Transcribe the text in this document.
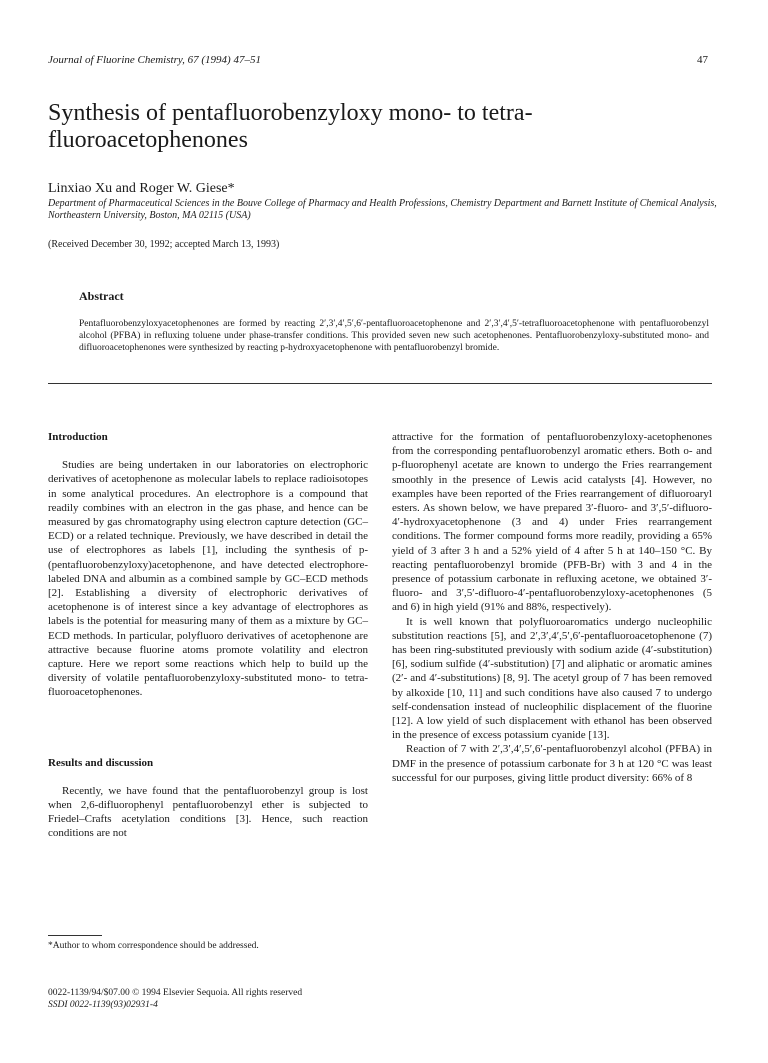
Journal of Fluorine Chemistry, 67 (1994) 47–51	47
Synthesis of pentafluorobenzyloxy mono- to tetra-fluoroacetophenones
Linxiao Xu and Roger W. Giese*
Department of Pharmaceutical Sciences in the Bouve College of Pharmacy and Health Professions, Chemistry Department and Barnett Institute of Chemical Analysis, Northeastern University, Boston, MA 02115 (USA)
(Received December 30, 1992; accepted March 13, 1993)
Abstract
Pentafluorobenzyloxyacetophenones are formed by reacting 2′,3′,4′,5′,6′-pentafluoroacetophenone and 2′,3′,4′,5′-tetrafluoroacetophenone with pentafluorobenzyl alcohol (PFBA) in refluxing toluene under phase-transfer conditions. This provided seven new such acetophenones. Pentafluorobenzyloxy-substituted mono- and difluoroacetophenones were synthesized by reacting p-hydroxyacetophenone with pentafluorobenzyl bromide.
Introduction

Studies are being undertaken in our laboratories on electrophoric derivatives of acetophenone as molecular labels to replace radioisotopes in some analytical procedures. An electrophore is a compound that readily combines with an electron in the gas phase, and hence can be measured by gas chromatography using electron capture detection (GC–ECD) or a related technique. Previously, we have described in detail the use of electrophores as labels [1], including the synthesis of p-(pentafluorobenzyloxy)acetophenone, and have detected electrophore-labeled DNA and albumin as a combined sample by GC–ECD methods [2]. Establishing a diversity of electrophoric derivatives of acetophenone is of interest since a key advantage of electrophores as labels is the potential for measuring many of them as a mixture by GC–ECD methods. In particular, polyfluoro derivatives of acetophenone are attractive because fluorine atoms promote volatility and electron capture. Here we report some reactions which help to build up the diversity of volatile pentafluorobenzyloxy-substituted mono- to tetra-fluoroacetophenones.

Results and discussion

Recently, we have found that the pentafluorobenzyl group is lost when 2,6-difluorophenyl pentafluorobenzyl ether is subjected to Friedel–Crafts acetylation conditions [3]. Hence, such reaction conditions are not

attractive for the formation of pentafluorobenzyloxy-acetophenones from the corresponding pentafluorobenzyl aromatic ethers. Both o- and p-fluorophenyl acetate are known to undergo the Fries rearrangement smoothly in the presence of Lewis acid catalysts [4]. However, no examples have been reported of the Fries rearrangement of difluoroaryl esters. As shown below, we have prepared 3′-fluoro- and 3′,5′-difluoro-4′-hydroxyacetophenone (3 and 4) under Fries rearrangement conditions. The former compound forms more readily, providing a 65% yield of 3 after 3 h and a 52% yield of 4 after 5 h at 140–150 °C. By reacting pentafluorobenzyl bromide (PFB-Br) with 3 and 4 in the presence of potassium carbonate in refluxing acetone, we obtained 3′-fluoro- and 3′,5′-difluoro-4′-pentafluorobenzyloxy-acetophenones (5 and 6) in high yield (91% and 88%, respectively).

It is well known that polyfluoroaromatics undergo nucleophilic substitution reactions [5], and 2′,3′,4′,5′,6′-pentafluoroacetophenone (7) has been ring-substituted previously with sodium azide (4′-substitution) [6], sodium sulfide (4′-substitution) [7] and aliphatic or aromatic amines (2′- and 4′-substitutions) [8, 9]. The acetyl group of 7 has been removed by alkoxide [10, 11] and such conditions have also caused 7 to undergo self-condensation instead of nucleophilic displacement of the fluorine [12]. A low yield of such displacement with ethanol has been observed in the presence of excess potassium cyanide [13].

Reaction of 7 with 2′,3′,4′,5′,6′-pentafluorobenzyl alcohol (PFBA) in DMF in the presence of potassium carbonate for 3 h at 120 °C was least successful for our purposes, giving little product diversity: 66% of 8

*Author to whom correspondence should be addressed.
0022-1139/94/$07.00 © 1994 Elsevier Sequoia. All rights reserved
SSDI 0022-1139(93)02931-4
